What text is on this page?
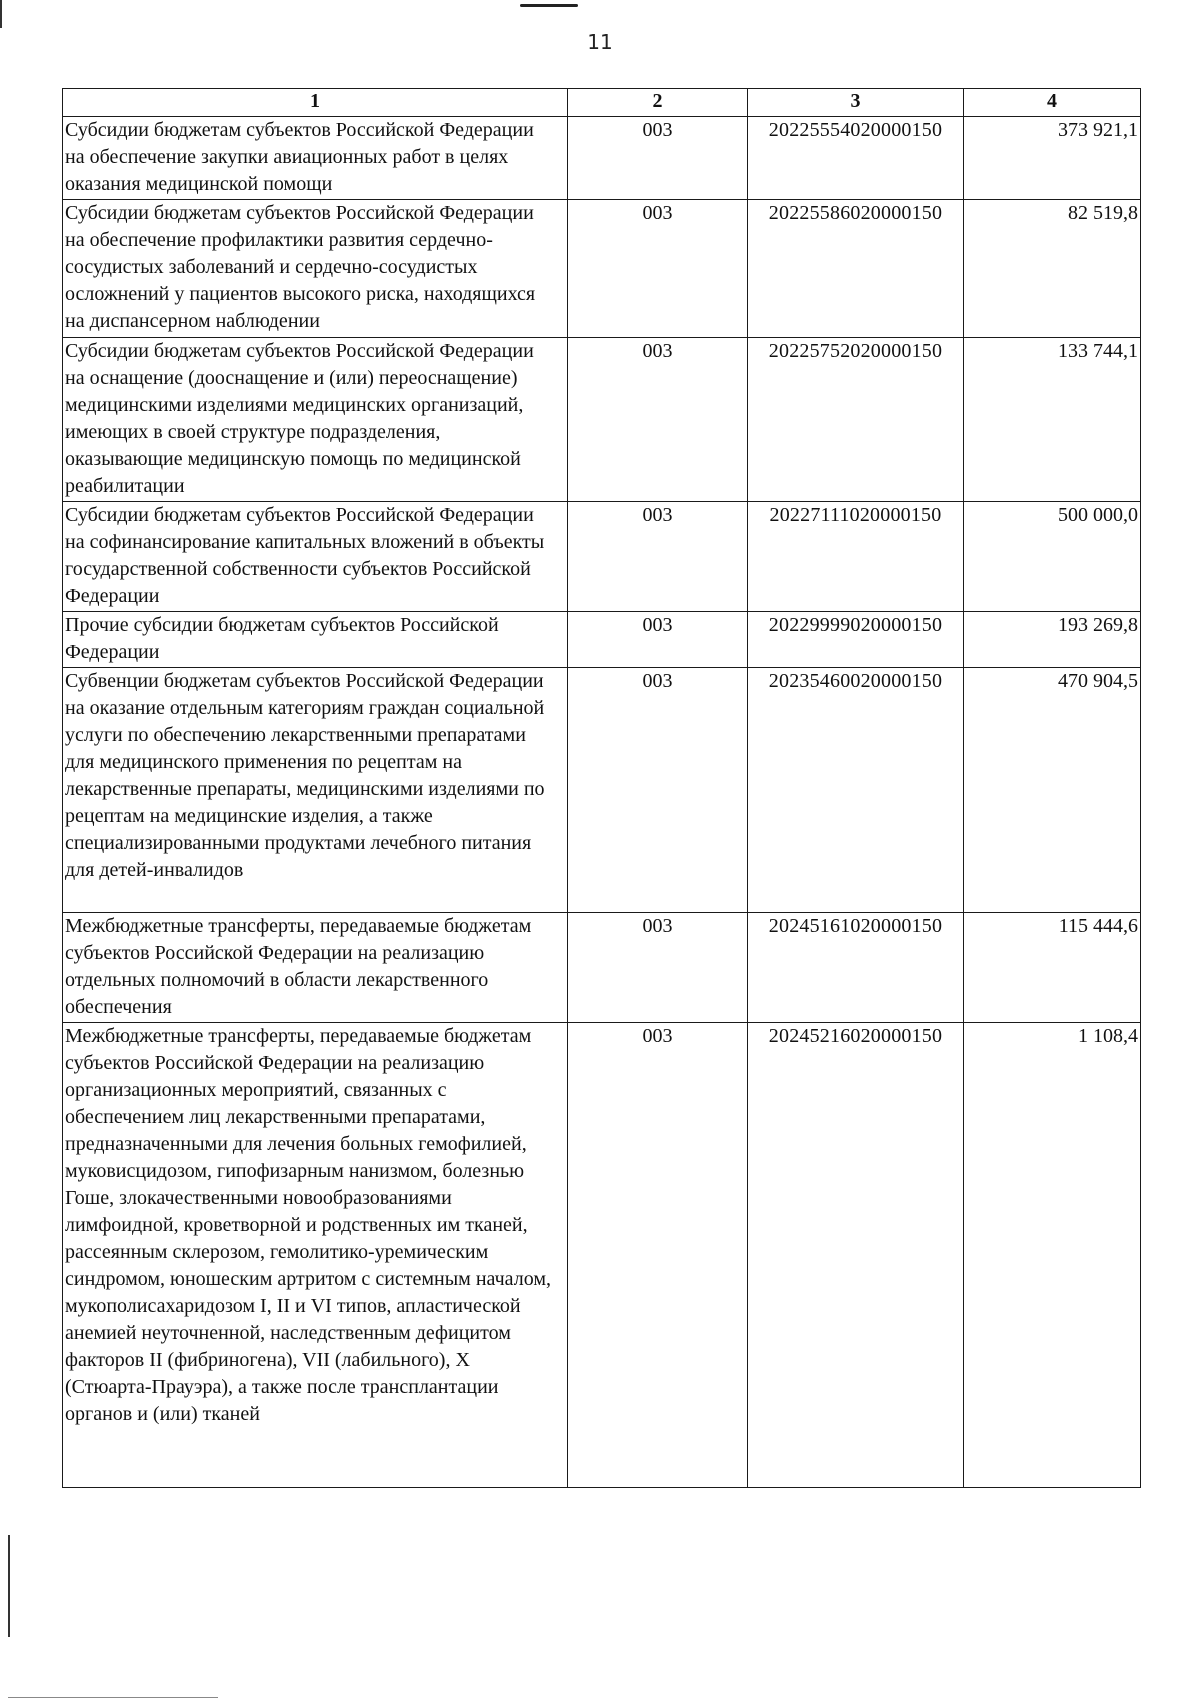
11
1	2	3	4

Субсидии бюджетам субъектов Российской Федерации на обеспечение закупки авиационных работ в целях оказания медицинской помощи	003	20225554020000150	373 921,1

Субсидии бюджетам субъектов Российской Федерации на обеспечение профилактики развития сердечно-сосудистых заболеваний и сердечно-сосудистых осложнений у пациентов высокого риска, находящихся на диспансерном наблюдении	003	20225586020000150	82 519,8

Субсидии бюджетам субъектов Российской Федерации на оснащение (дооснащение и (или) переоснащение) медицинскими изделиями медицинских организаций, имеющих в своей структуре подразделения, оказывающие медицинскую помощь по медицинской реабилитации	003	20225752020000150	133 744,1

Субсидии бюджетам субъектов Российской Федерации на софинансирование капитальных вложений в объекты государственной собственности субъектов Российской Федерации	003	20227111020000150	500 000,0

Прочие субсидии бюджетам субъектов Российской Федерации	003	20229999020000150	193 269,8

Субвенции бюджетам субъектов Российской Федерации на оказание отдельным категориям граждан социальной услуги по обеспечению лекарственными препаратами для медицинского применения по рецептам на лекарственные препараты, медицинскими изделиями по рецептам на медицинские изделия, а также специализированными продуктами лечебного питания для детей-инвалидов	003	20235460020000150	470 904,5

Межбюджетные трансферты, передаваемые бюджетам субъектов Российской Федерации на реализацию отдельных полномочий в области лекарственного обеспечения	003	20245161020000150	115 444,6

Межбюджетные трансферты, передаваемые бюджетам субъектов Российской Федерации на реализацию организационных мероприятий, связанных с обеспечением лиц лекарственными препаратами, предназначенными для лечения больных гемофилией, муковисцидозом, гипофизарным нанизмом, болезнью Гоше, злокачественными новообразованиями лимфоидной, кроветворной и родственных им тканей, рассеянным склерозом, гемолитико-уремическим синдромом, юношеским артритом с системным началом, мукополисахаридозом I, II и VI типов, апластической анемией неуточненной, наследственным дефицитом факторов II (фибриногена), VII (лабильного), X (Стюарта-Прауэра), а также после трансплантации органов и (или) тканей	003	20245216020000150	1 108,4
